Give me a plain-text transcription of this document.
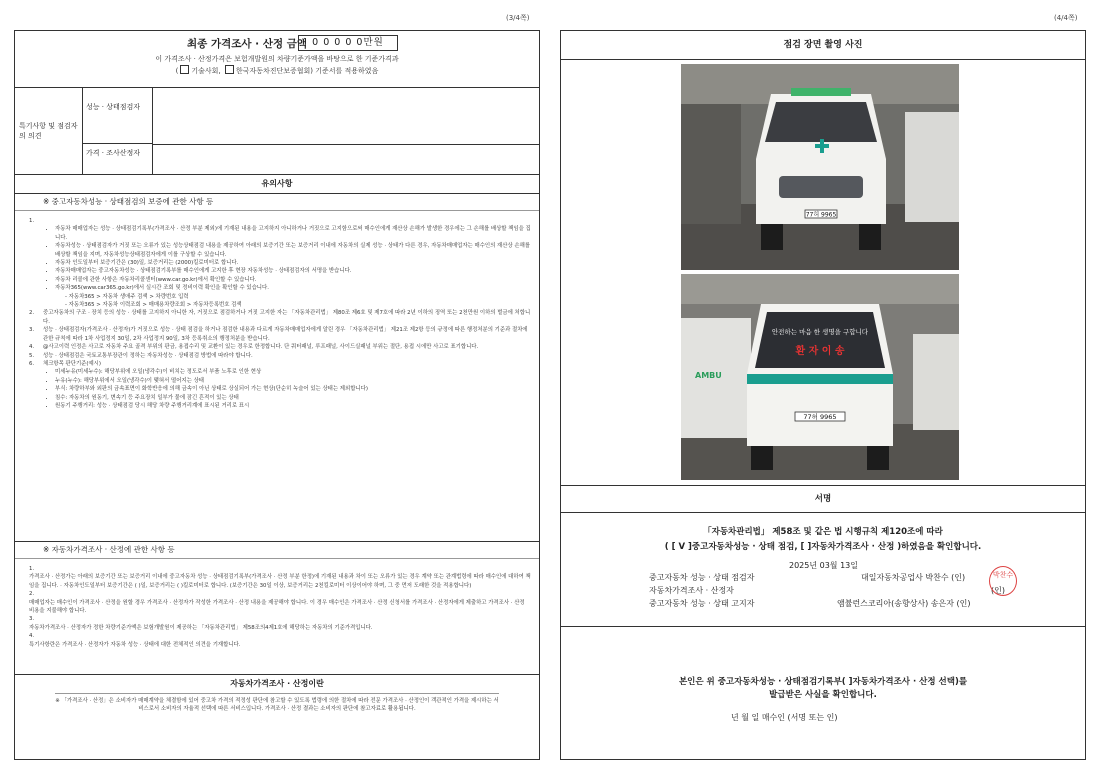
(3/4쪽)	(4/4쪽)
최종 가격조사 · 산정 금액 0 0 0 0 0만원
이 가격조사 · 산정가격은 보험개발원의 차량기준가액을 바탕으로 한 기준가격과
( 기술사회, 한국자동차진단보증협회) 기준서를 적용하였음
특기사항 및 점검자의 의견
성능 · 상태점검자
가격 · 조사산정자
유의사항
※ 중고자동차성능 · 상태점검의 보증에 관한 사항 등
1.
• 자동차 매매업자는 성능 · 상태점검기록부(가격조사 · 산정 부분 제외)에 기재된 내용을 고지하지 아니하거나 거짓으로 고지함으로써 매수인에게 재산상 손해가 발생한 경우에는 그 손해를 배상할 책임을 집니다.
• 자동차성능 · 상태점검자가 거짓 또는 오류가 있는 성능상태점검 내용을 제공하여 아래의 보증기간 또는 보증거리 이내에 자동차의 실제 성능 · 상태가 다른 경우, 자동차매매업자는 매수인의 재산상 손해를 배상할 책임을 지며, 자동차성능상태점검자에게 이를 구상할 수 있습니다.
• 자동차 인도일부터 보증기간은 (30)일, 보증거리는 (2000)킬로미터로 합니다.
• 자동차매매업자는 중고자동차성능 · 상태점검기록부를 매수인에게 고지한 후 현장 자동차성능 · 상태점검자의 서명을 받습니다.
• 자동차 리콜에 관한 사항은 자동차리콜센터(www.car.go.kr)에서 확인할 수 있습니다.
• 자동차365(www.car365.go.kr)에서 실시간 조회 및 정비이력 확인을 확인할 수 있습니다.
- 자동차365 > 자동차 생애주 검색 > 차량번호 입력
- 자동차365 > 자동차 이력조회 > 매매용차량조회 > 자동차등록번호 검색
2.	중고자동차의 구조 · 장치 등의 성능 · 상태를 고지하지 아니한 자, 거짓으로 점검하거나 거짓 고지한 자는 「자동차관리법」 제80조 제6호 및 제7호에 따라 2년 이하의 징역 또는 2천만원 이하의 벌금에 처합니다.
3.	성능 · 상태점검자(가격조사 · 산정자)가 거짓으로 성능 · 상태 점검을 하거나 점검한 내용과 다르게 자동차매매업자에게 알린 경우 「자동차관리법」 제21조 제2항 등의 규정에 따른 행정처분의 기준과 절차에 관한 규칙에 따라 1차 사업정지 30일, 2차 사업정지 90일, 3차 등록취소의 행정처분을 받습니다.
4.	@사고이력 인정은 사고로 자동차 주요 골격 부위의 판금, 용접수리 및 교환이 있는 경우로 한정합니다. 단 쿼터패널, 루프패널, 사이드실패널 부위는 절단, 용접 시에만 사고로 표기합니다.
5.	성능 · 상태점검은 국토교통부장관이 정하는 자동차성능 · 상태점검 방법에 따라야 합니다.
6.	체크항목 판단기준(예시)
• 미세누유(미세누수): 해당부위에 오일(냉각수)이 비치는 정도로서 부품 노후로 인한 현상
• 누유(누수): 해당부위에서 오일(냉각수)이 맺혀서 떨어지는 상태
• 부식: 차량하부와 외판의 금속표면이 화학반응에 의해 금속이 아닌 상태로 상실되어 가는 현상(단순히 녹슬어 있는 상태는 제외합니다)
• 침수: 자동차의 원동기, 변속기 등 주요장치 일부가 물에 잠긴 흔적이 있는 상태
• 원동기 주행거리: 성능 · 상태점검 당시 해당 차량 주행거리계에 표시된 거리로 표시
※ 자동차가격조사 · 산정에 관한 사항 등
1.
가격조사 · 산정가는 아래의 보증기간 또는 보증거리 이내에 중고자동차 성능 · 상태점검기록부(가격조사 · 산정 부분 한정)에 기재된 내용과 차이 또는 오류가 있는 경우 계약 또는 관계법령에 따라 매수인에 대하여 책임을 집니다. · 자동차인도일부터 보증기간은 ( )일, 보증거리는 ( )킬로미터로 합니다. (보증기간은 30일 이상, 보증거리는 2천킬로미터 이상이어야 하며, 그 중 먼저 도래한 것을 적용합니다)
2.
매매업자는 매수인이 가격조사 · 산정을 원할 경우 가격조사 · 산정자가 작성한 가격조사 · 산정 내용을 제공해야 합니다. 이 경우 매수인은 가격조사 · 산정 신청서를 가격조사 · 산정자에게 제출하고 가격조사 · 산정 비용을 지불해야 합니다.
3.
자동차가격조사 · 산정자가 정한 차량기준가액은 보험개발원이 제공하는 「자동차관리법」 제58조의4제1호에 해당하는 자동차의 기준가격입니다.
4.
특기사항란은 가격조사 · 산정자가 자동차 성능 · 상태에 대한 전체적인 의견을 기재합니다.
자동차가격조사 · 산정이란
※ 「가격조사 · 산정」은 소비자가 매매계약을 체결함에 있어 중고차 가격의 적정성 판단에 참고할 수 있도록 법령에 의한 절차에 따라 전문 가격조사 · 산정인이 객관적인 가격을 제시하는 서비스로서 소비자의 자율적 선택에 따른 서비스입니다. 가격조사 · 산정 결과는 소비자의 판단에 참고자료로 활용됩니다.
점검 장면 촬영 사진
77허 9965
AMBU
안전하는 마음 한 생명을 구합니다
환 자 이 송
77허 9965
서명
「자동차관리법」 제58조 및 같은 법 시행규칙 제120조에 따라
( [ V ]중고자동차성능 · 상태 점검, [ ]자동차가격조사 · 산정 )하였음을 확인합니다.
2025년 03월 13일
중고자동차 성능 · 상태 점검자	대일자동차공업사 박찬수 (인)
자동차가격조사 · 산정자	(인)
중고자동차 성능 · 상태 고지자	앰뷸런스코리아(송향상사) 송은자 (인)
박찬수
본인은 위 중고자동차성능 · 상태점검기록부( ]자동차가격조사 · 산정 선택)를
발급받은 사실을 확인합니다.
년 월 일 매수인 (서명 또는 인)
